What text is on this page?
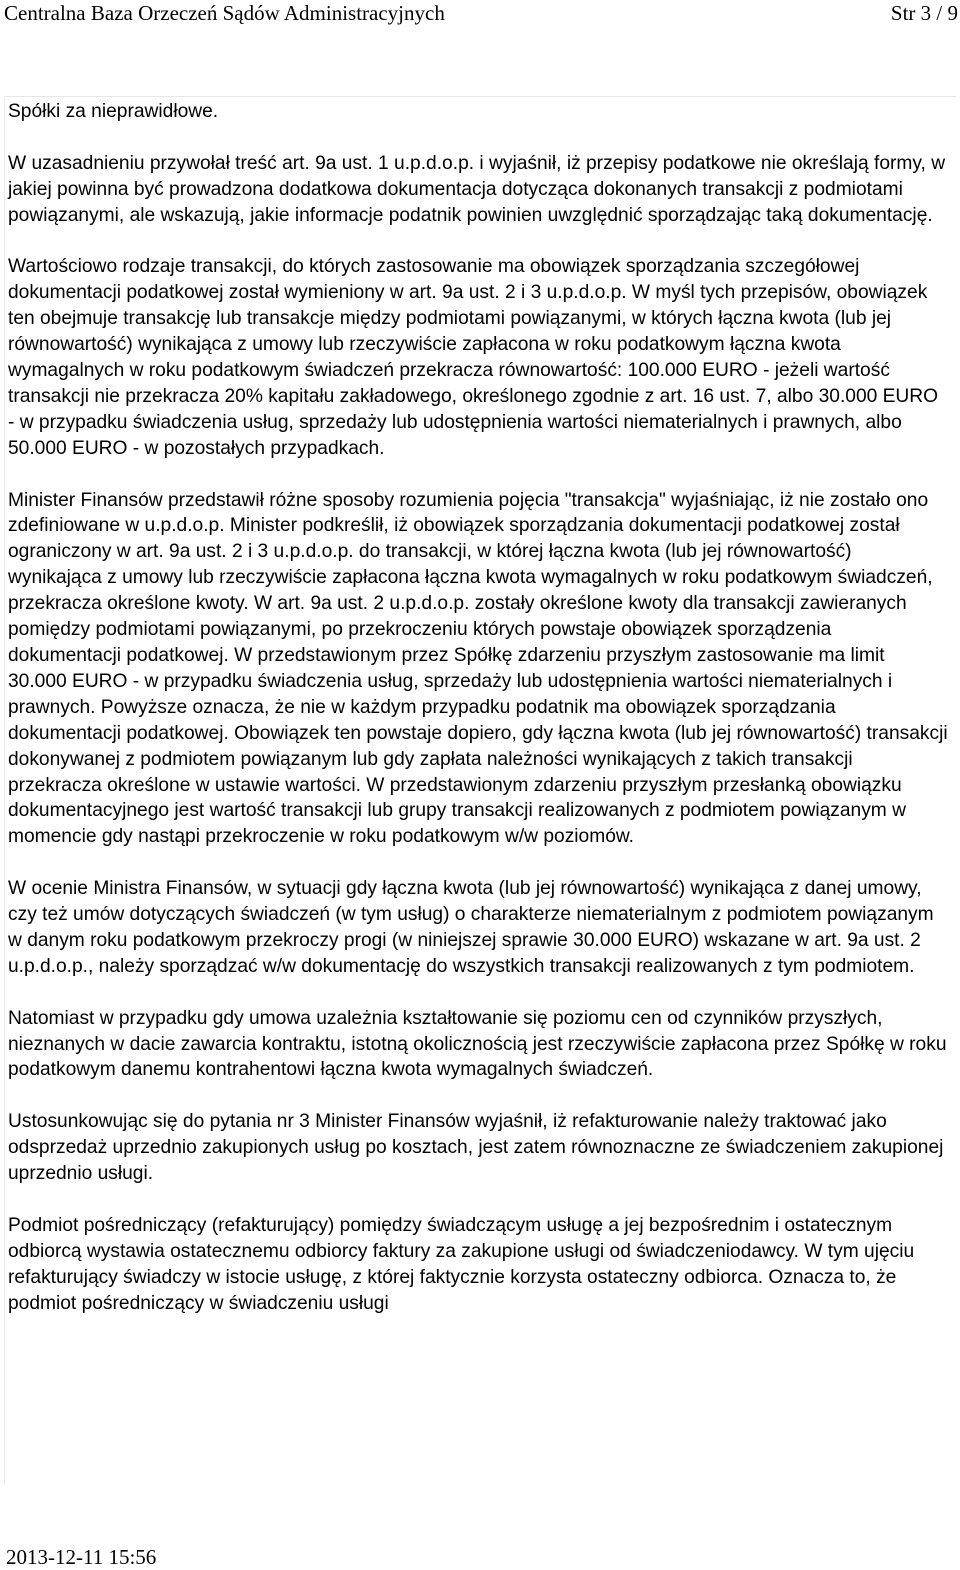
Centralna Baza Orzeczeń Sądów Administracyjnych	Str 3 / 9

Spółki za nieprawidłowe.

W uzasadnieniu przywołał treść art. 9a ust. 1 u.p.d.o.p. i wyjaśnił, iż przepisy podatkowe nie określają formy, w jakiej powinna być prowadzona dodatkowa dokumentacja dotycząca dokonanych transakcji z podmiotami powiązanymi, ale wskazują, jakie informacje podatnik powinien uwzględnić sporządzając taką dokumentację.

Wartościowo rodzaje transakcji, do których zastosowanie ma obowiązek sporządzania szczegółowej dokumentacji podatkowej został wymieniony w art. 9a ust. 2 i 3 u.p.d.o.p. W myśl tych przepisów, obowiązek ten obejmuje transakcję lub transakcje między podmiotami powiązanymi, w których łączna kwota (lub jej równowartość) wynikająca z umowy lub rzeczywiście zapłacona w roku podatkowym łączna kwota wymagalnych w roku podatkowym świadczeń przekracza równowartość: 100.000 EURO - jeżeli wartość transakcji nie przekracza 20% kapitału zakładowego, określonego zgodnie z art. 16 ust. 7, albo 30.000 EURO - w przypadku świadczenia usług, sprzedaży lub udostępnienia wartości niematerialnych i prawnych, albo 50.000 EURO - w pozostałych przypadkach.

Minister Finansów przedstawił różne sposoby rozumienia pojęcia "transakcja" wyjaśniając, iż nie zostało ono zdefiniowane w u.p.d.o.p. Minister podkreślił, iż obowiązek sporządzania dokumentacji podatkowej został ograniczony w art. 9a ust. 2 i 3 u.p.d.o.p. do transakcji, w której łączna kwota (lub jej równowartość) wynikająca z umowy lub rzeczywiście zapłacona łączna kwota wymagalnych w roku podatkowym świadczeń, przekracza określone kwoty. W art. 9a ust. 2 u.p.d.o.p. zostały określone kwoty dla transakcji zawieranych pomiędzy podmiotami powiązanymi, po przekroczeniu których powstaje obowiązek sporządzenia dokumentacji podatkowej. W przedstawionym przez Spółkę zdarzeniu przyszłym zastosowanie ma limit 30.000 EURO - w przypadku świadczenia usług, sprzedaży lub udostępnienia wartości niematerialnych i prawnych. Powyższe oznacza, że nie w każdym przypadku podatnik ma obowiązek sporządzania dokumentacji podatkowej. Obowiązek ten powstaje dopiero, gdy łączna kwota (lub jej równowartość) transakcji dokonywanej z podmiotem powiązanym lub gdy zapłata należności wynikających z takich transakcji przekracza określone w ustawie wartości. W przedstawionym zdarzeniu przyszłym przesłanką obowiązku dokumentacyjnego jest wartość transakcji lub grupy transakcji realizowanych z podmiotem powiązanym w momencie gdy nastąpi przekroczenie w roku podatkowym w/w poziomów.

W ocenie Ministra Finansów, w sytuacji gdy łączna kwota (lub jej równowartość) wynikająca z danej umowy, czy też umów dotyczących świadczeń (w tym usług) o charakterze niematerialnym z podmiotem powiązanym w danym roku podatkowym przekroczy progi (w niniejszej sprawie 30.000 EURO) wskazane w art. 9a ust. 2 u.p.d.o.p., należy sporządzać w/w dokumentację do wszystkich transakcji realizowanych z tym podmiotem.

Natomiast w przypadku gdy umowa uzależnia kształtowanie się poziomu cen od czynników przyszłych, nieznanych w dacie zawarcia kontraktu, istotną okolicznością jest rzeczywiście zapłacona przez Spółkę w roku podatkowym danemu kontrahentowi łączna kwota wymagalnych świadczeń.

Ustosunkowując się do pytania nr 3 Minister Finansów wyjaśnił, iż refakturowanie należy traktować jako odsprzedaż uprzednio zakupionych usług po kosztach, jest zatem równoznaczne ze świadczeniem zakupionej uprzednio usługi.

Podmiot pośredniczący (refakturujący) pomiędzy świadczącym usługę a jej bezpośrednim i ostatecznym odbiorcą wystawia ostatecznemu odbiorcy faktury za zakupione usługi od świadczeniodawcy. W tym ujęciu refakturujący świadczy w istocie usługę, z której faktycznie korzysta ostateczny odbiorca. Oznacza to, że podmiot pośredniczący w świadczeniu usługi

2013-12-11 15:56
